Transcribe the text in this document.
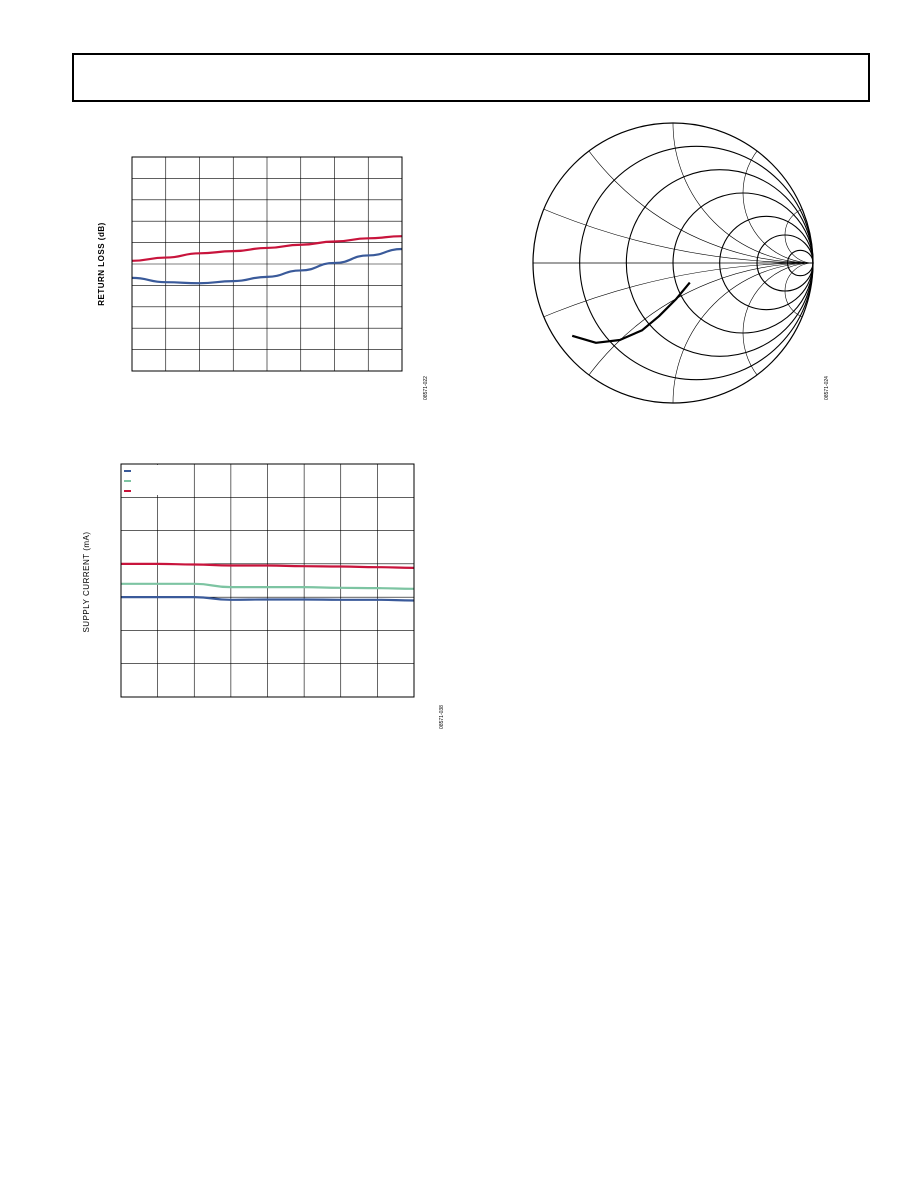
RETURN LOSS (dB)
08571-022
SUPPLY CURRENT (mA)
08571-038
08571-024
